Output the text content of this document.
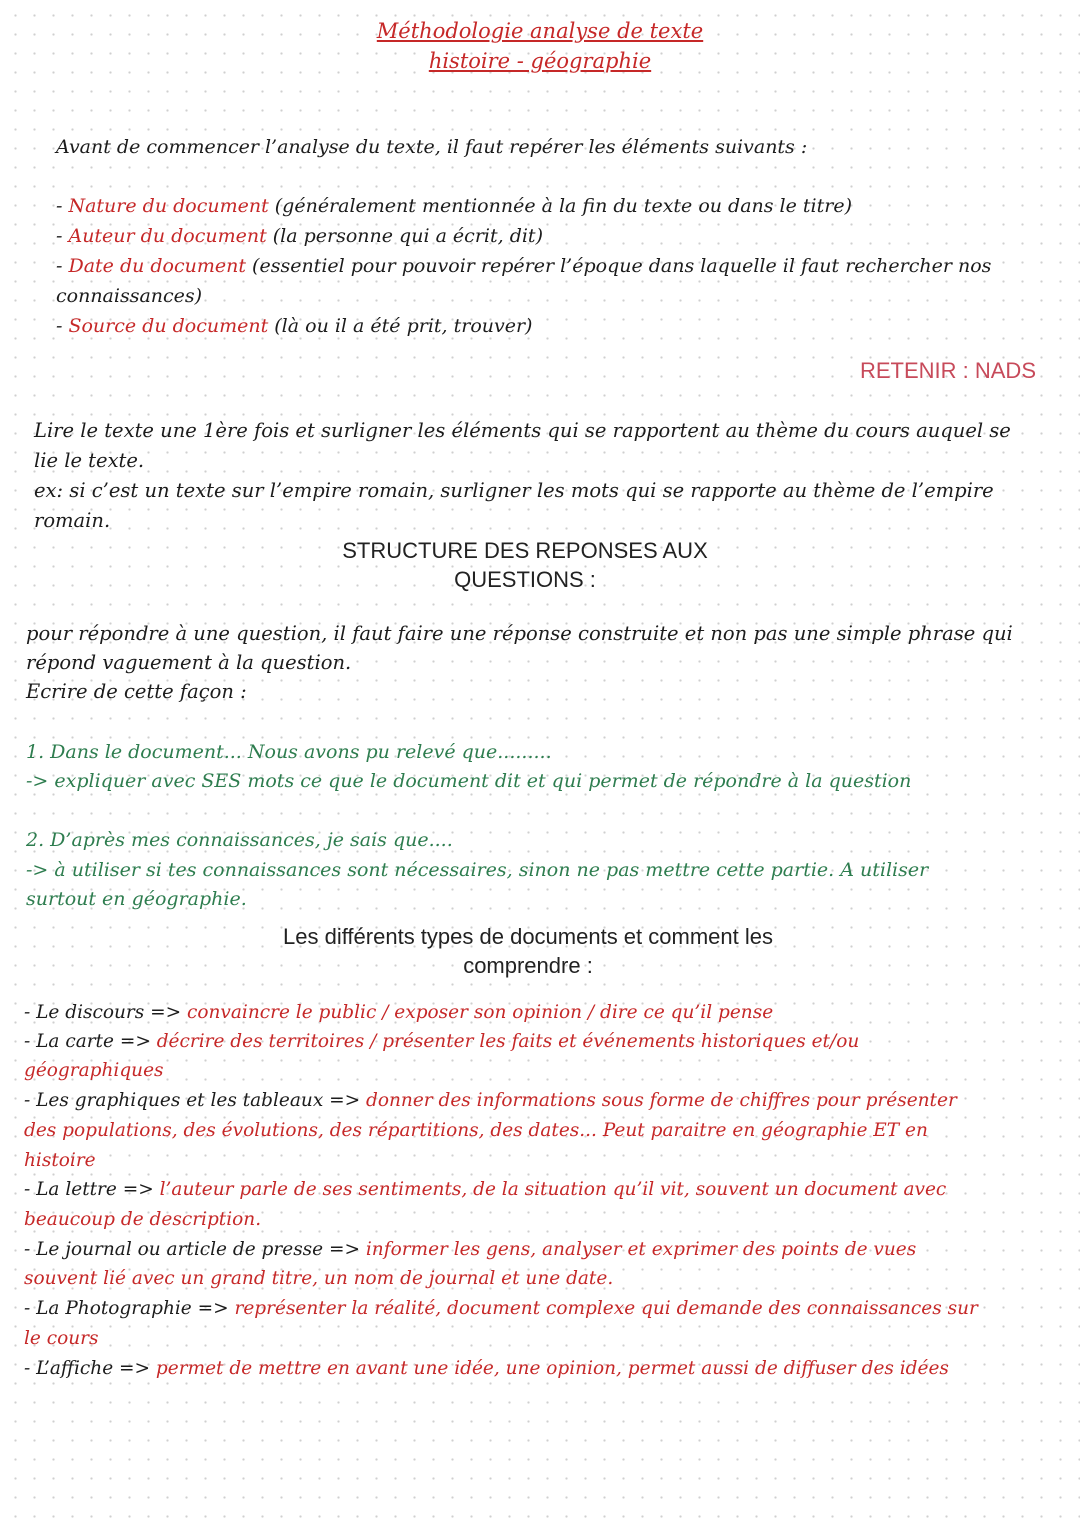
Méthodologie analyse de texte
histoire - géographie
Avant de commencer l’analyse du texte, il faut repérer les éléments suivants :
- Nature du document (généralement mentionnée à la fin du texte ou dans le titre)
- Auteur du document (la personne qui a écrit, dit)
- Date du document (essentiel pour pouvoir repérer l’époque dans laquelle il faut rechercher nos
connaissances)
- Source du document (là ou il a été prit, trouver)
RETENIR : NADS
Lire le texte une 1ère fois et surligner les éléments qui se rapportent au thème du cours auquel se
lie le texte.
ex: si c’est un texte sur l’empire romain, surligner les mots qui se rapporte au thème de l’empire
romain.
STRUCTURE DES REPONSES AUX
QUESTIONS :
pour répondre à une question, il faut faire une réponse construite et non pas une simple phrase qui
répond vaguement à la question.
Ecrire de cette façon :
1. Dans le document... Nous avons pu relevé que.........
-> expliquer avec SES mots ce que le document dit et qui permet de répondre à la question
2. D’après mes connaissances, je sais que....
-> à utiliser si tes connaissances sont nécessaires, sinon ne pas mettre cette partie. A utiliser
surtout en géographie.
Les différents types de documents et comment les
comprendre :
- Le discours => convaincre le public / exposer son opinion / dire ce qu’il pense
- La carte => décrire des territoires / présenter les faits et événements historiques et/ou
géographiques
- Les graphiques et les tableaux => donner des informations sous forme de chiffres pour présenter
des populations, des évolutions, des répartitions, des dates... Peut paraitre en géographie ET en
histoire
- La lettre => l’auteur parle de ses sentiments, de la situation qu’il vit, souvent un document avec
beaucoup de description.
- Le journal ou article de presse => informer les gens, analyser et exprimer des points de vues
souvent lié avec un grand titre, un nom de journal et une date.
- La Photographie => représenter la réalité, document complexe qui demande des connaissances sur
le cours
- L’affiche => permet de mettre en avant une idée, une opinion, permet aussi de diffuser des idées
